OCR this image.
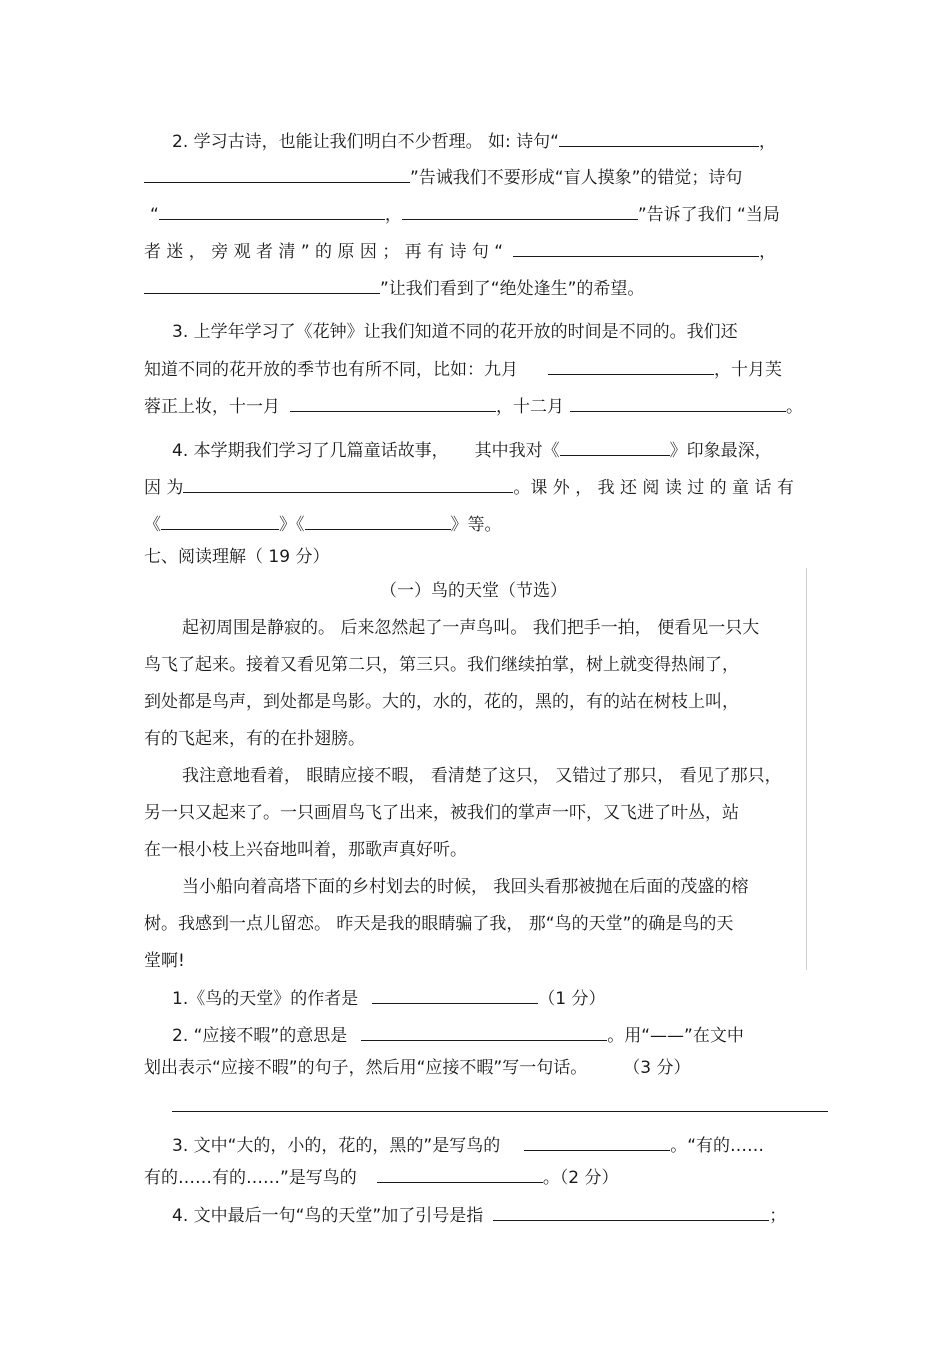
2. 学习古诗，也能让我们明白不少哲理。 如: 诗句“	，
”告诫我们不要形成“盲人摸象”的错觉；诗句
“	，	”告诉了我们 “当局
者 迷 ， 旁 观 者 清 ” 的 原 因 ； 再 有 诗 句 “	，
”让我们看到了“绝处逢生”的希望。
3. 上学年学习了《花钟》让我们知道不同的花开放的时间是不同的。我们还
知道不同的花开放的季节也有所不同，比如：九月	，十月芙
蓉正上妆，十一月	，十二月	。
4. 本学期我们学习了几篇童话故事， 其中我对《	》印象最深，
因 为	。课 外 ， 我 还 阅 读 过 的 童 话 有
《	》《	》等。
七、阅读理解（ 19 分）
（一）鸟的天堂（节选）
起初周围是静寂的。 后来忽然起了一声鸟叫。 我们把手一拍， 便看见一只大
鸟飞了起来。接着又看见第二只，第三只。我们继续拍掌，树上就变得热闹了，
到处都是鸟声，到处都是鸟影。大的，水的，花的，黑的，有的站在树枝上叫，
有的飞起来，有的在扑翅膀。
我注意地看着， 眼睛应接不暇， 看清楚了这只， 又错过了那只， 看见了那只，
另一只又起来了。一只画眉鸟飞了出来，被我们的掌声一吓，又飞进了叶丛，站
在一根小枝上兴奋地叫着，那歌声真好听。
当小船向着高塔下面的乡村划去的时候， 我回头看那被抛在后面的茂盛的榕
树。我感到一点儿留恋。 昨天是我的眼睛骗了我， 那“鸟的天堂”的确是鸟的天
堂啊!
1.《鸟的天堂》的作者是	（1 分）
2. “应接不暇”的意思是	。用“——”在文中
划出表示“应接不暇”的句子，然后用“应接不暇”写一句话。 （3 分）
3. 文中“大的，小的，花的，黑的”是写鸟的	。“有的……
有的……有的……”是写鸟的	。（2 分）
4. 文中最后一句“鸟的天堂”加了引号是指	；
